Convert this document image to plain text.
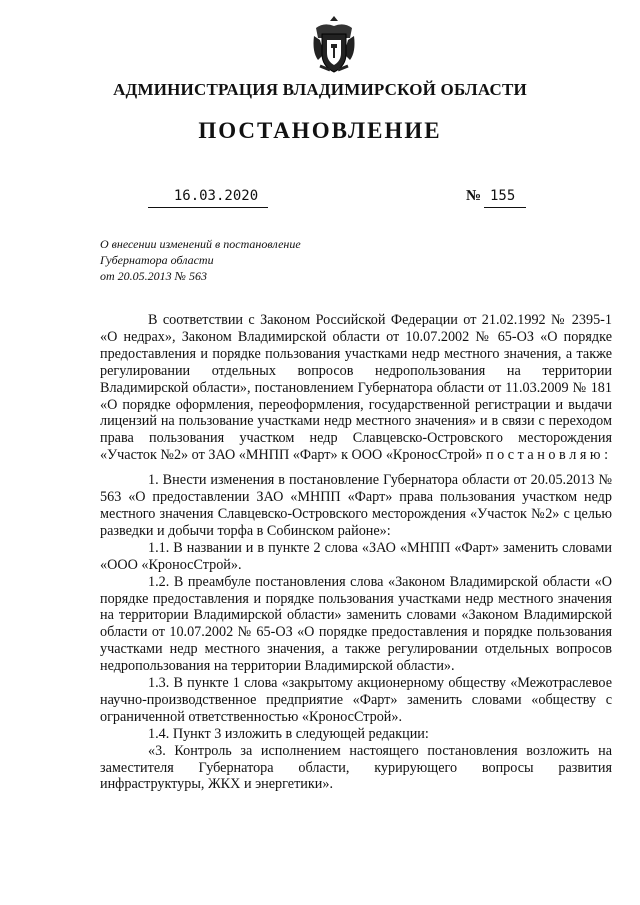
АДМИНИСТРАЦИЯ ВЛАДИМИРСКОЙ ОБЛАСТИ
ПОСТАНОВЛЕНИЕ
16.03.2020	№ 155
О внесении изменений в постановление
Губернатора области
от 20.05.2013 № 563

В соответствии с Законом Российской Федерации от 21.02.1992 № 2395-1 «О недрах», Законом Владимирской области от 10.07.2002 № 65-ОЗ «О порядке предоставления и порядке пользования участками недр местного значения, а также регулировании отдельных вопросов недропользования на территории Владимирской области», постановлением Губернатора области от 11.03.2009 № 181 «О порядке оформления, переоформления, государственной регистрации и выдачи лицензий на пользование участками недр местного значения» и в связи с переходом права пользования участком недр Славцевско-Островского месторождения «Участок №2» от ЗАО «МНПП «Фарт» к ООО «КроносСтрой» п о с т а н о в л я ю :

1. Внести изменения в постановление Губернатора области от 20.05.2013 № 563 «О предоставлении ЗАО «МНПП «Фарт» права пользования участком недр местного значения Славцевско-Островского месторождения «Участок №2» с целью разведки и добычи торфа в Собинском районе»:

1.1. В названии и в пункте 2 слова «ЗАО «МНПП «Фарт» заменить словами «ООО «КроносСтрой».

1.2. В преамбуле постановления слова «Законом Владимирской области «О порядке предоставления и порядке пользования участками недр местного значения на территории Владимирской области» заменить словами «Законом Владимирской области от 10.07.2002 № 65-ОЗ «О порядке предоставления и порядке пользования участками недр местного значения, а также регулировании отдельных вопросов недропользования на территории Владимирской области».

1.3. В пункте 1 слова «закрытому акционерному обществу «Межотраслевое научно-производственное предприятие «Фарт» заменить словами «обществу с ограниченной ответственностью «КроносСтрой».

1.4. Пункт 3 изложить в следующей редакции:

«3. Контроль за исполнением настоящего постановления возложить на заместителя Губернатора области, курирующего вопросы развития инфраструктуры, ЖКХ и энергетики».
